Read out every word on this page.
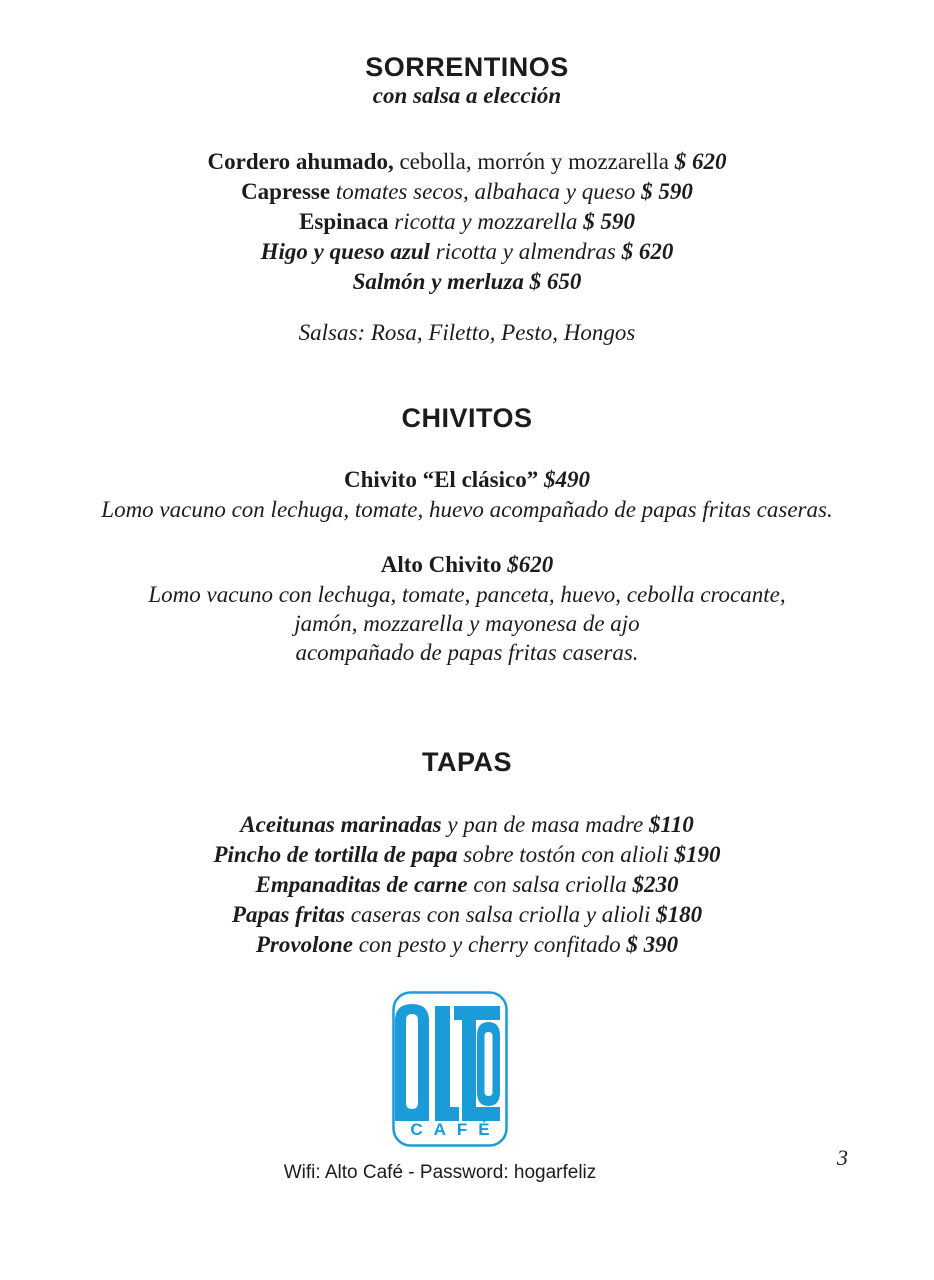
SORRENTINOS
con salsa a elección
Cordero ahumado, cebolla, morrón y mozzarella $ 620
Capresse tomates secos, albahaca y queso $ 590
Espinaca ricotta y mozzarella $ 590
Higo y queso azul ricotta y almendras $ 620
Salmón y merluza $ 650
Salsas: Rosa, Filetto, Pesto, Hongos
CHIVITOS
Chivito “El clásico” $490
Lomo vacuno con lechuga, tomate, huevo acompañado de papas fritas caseras.
Alto Chivito $620
Lomo vacuno con lechuga, tomate, panceta, huevo, cebolla crocante,
jamón, mozzarella y mayonesa de ajo
acompañado de papas fritas caseras.
TAPAS
Aceitunas marinadas y pan de masa madre $110
Pincho de tortilla de papa sobre tostón con alioli $190
Empanaditas de carne con salsa criolla $230
Papas fritas caseras con salsa criolla y alioli $180
Provolone con pesto y cherry confitado $ 390
CAFÉ
Wifi: Alto Café - Password: hogarfeliz
3
